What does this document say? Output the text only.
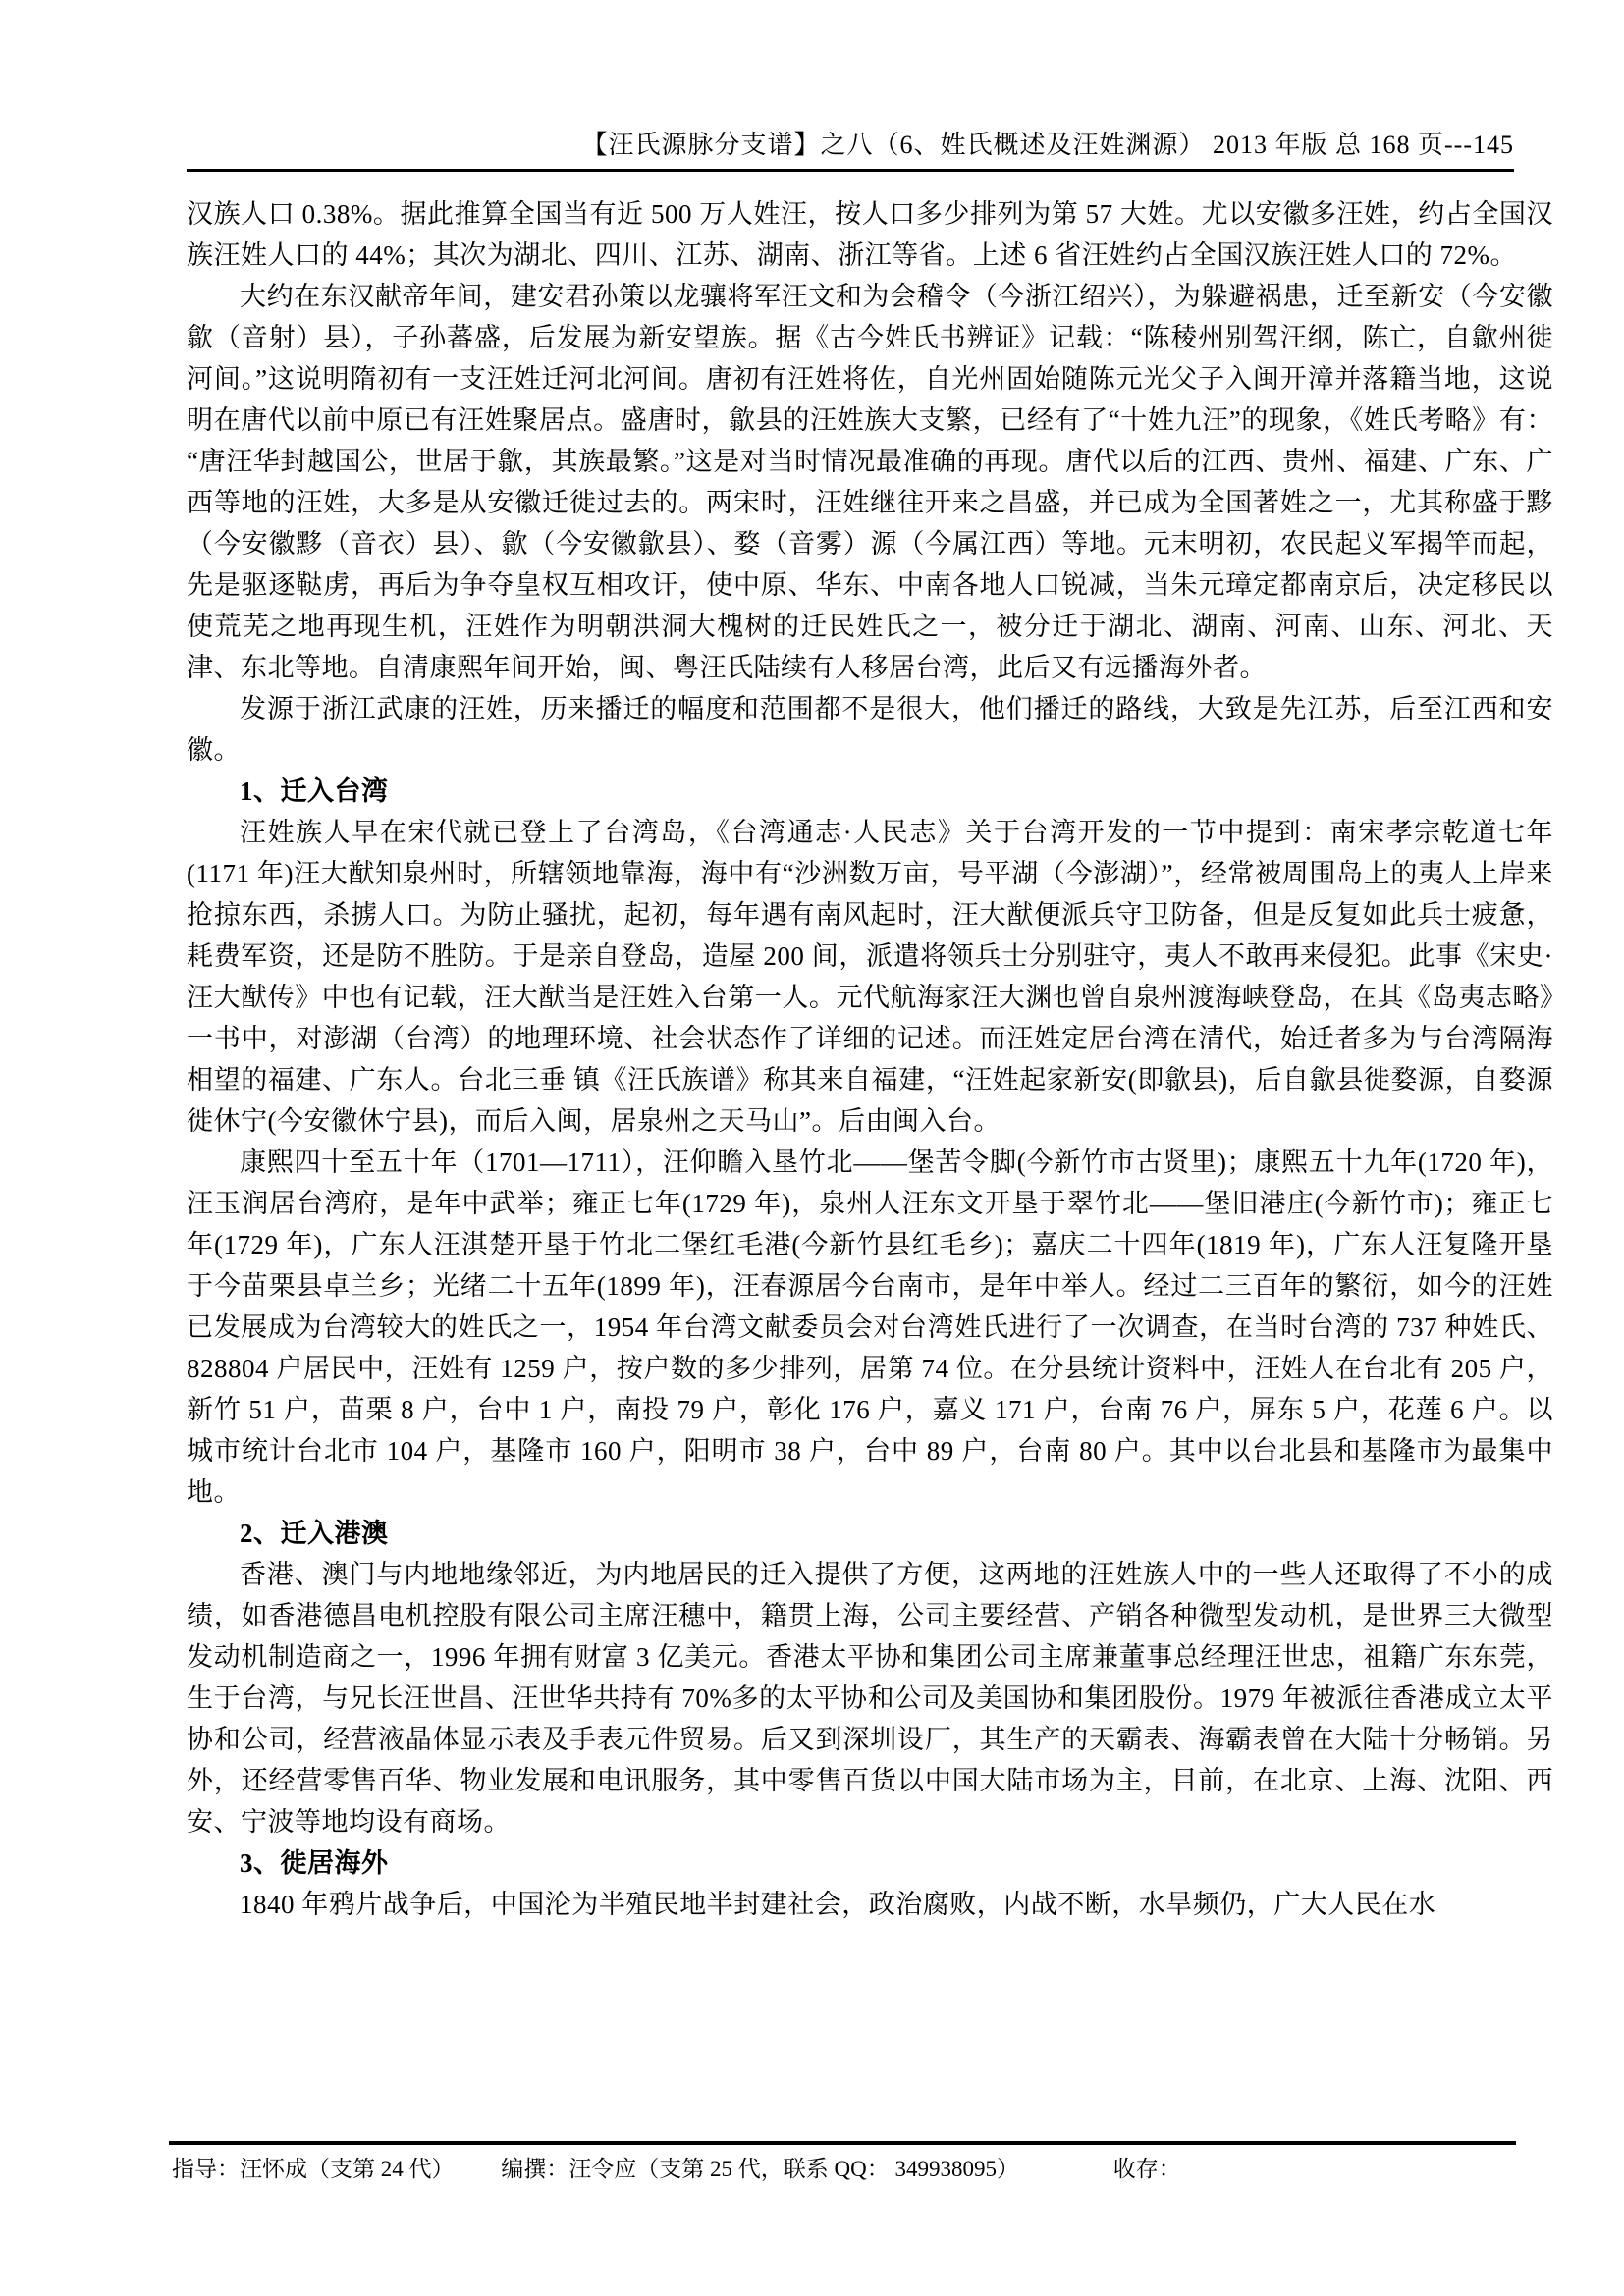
【汪氏源脉分支谱】之八（6、姓氏概述及汪姓渊源） 2013 年版 总 168 页---145

汉族人口 0.38%。据此推算全国当有近 500 万人姓汪，按人口多少排列为第 57 大姓。尤以安徽多汪姓，约占全国汉族汪姓人口的 44%；其次为湖北、四川、江苏、湖南、浙江等省。上述 6 省汪姓约占全国汉族汪姓人口的 72%。

大约在东汉献帝年间，建安君孙策以龙骧将军汪文和为会稽令（今浙江绍兴），为躲避祸患，迁至新安（今安徽歙（音射）县），子孙蕃盛，后发展为新安望族。据《古今姓氏书辨证》记载：“陈稜州别驾汪纲，陈亡，自歙州徙河间。”这说明隋初有一支汪姓迁河北河间。唐初有汪姓将佐，自光州固始随陈元光父子入闽开漳并落籍当地，这说明在唐代以前中原已有汪姓聚居点。盛唐时，歙县的汪姓族大支繁，已经有了“十姓九汪”的现象，《姓氏考略》有：“唐汪华封越国公，世居于歙，其族最繁。”这是对当时情况最准确的再现。唐代以后的江西、贵州、福建、广东、广西等地的汪姓，大多是从安徽迁徙过去的。两宋时，汪姓继往开来之昌盛，并已成为全国著姓之一，尤其称盛于黟（今安徽黟（音衣）县）、歙（今安徽歙县）、婺（音雾）源（今属江西）等地。元末明初，农民起义军揭竿而起，先是驱逐鞑虏，再后为争夺皇权互相攻讦，使中原、华东、中南各地人口锐减，当朱元璋定都南京后，决定移民以使荒芜之地再现生机，汪姓作为明朝洪洞大槐树的迁民姓氏之一，被分迁于湖北、湖南、河南、山东、河北、天津、东北等地。自清康熙年间开始，闽、粤汪氏陆续有人移居台湾，此后又有远播海外者。

发源于浙江武康的汪姓，历来播迁的幅度和范围都不是很大，他们播迁的路线，大致是先江苏，后至江西和安徽。

1、迁入台湾

汪姓族人早在宋代就已登上了台湾岛，《台湾通志·人民志》关于台湾开发的一节中提到：南宋孝宗乾道七年(1171 年)汪大猷知泉州时，所辖领地靠海，海中有“沙洲数万亩，号平湖（今澎湖）”，经常被周围岛上的夷人上岸来抢掠东西，杀掳人口。为防止骚扰，起初，每年遇有南风起时，汪大猷便派兵守卫防备，但是反复如此兵士疲惫，耗费军资，还是防不胜防。于是亲自登岛，造屋 200 间，派遣将领兵士分别驻守，夷人不敢再来侵犯。此事《宋史·汪大猷传》中也有记载，汪大猷当是汪姓入台第一人。元代航海家汪大渊也曾自泉州渡海峡登岛，在其《岛夷志略》一书中，对澎湖（台湾）的地理环境、社会状态作了详细的记述。而汪姓定居台湾在清代，始迁者多为与台湾隔海相望的福建、广东人。台北三垂 镇《汪氏族谱》称其来自福建，“汪姓起家新安(即歙县)，后自歙县徙婺源，自婺源徙休宁(今安徽休宁县)，而后入闽，居泉州之天马山”。后由闽入台。

康熙四十至五十年（1701—1711），汪仰瞻入垦竹北——堡苦令脚(今新竹市古贤里)；康熙五十九年(1720 年)，汪玉润居台湾府，是年中武举；雍正七年(1729 年)，泉州人汪东文开垦于翠竹北——堡旧港庄(今新竹市)；雍正七年(1729 年)，广东人汪淇楚开垦于竹北二堡红毛港(今新竹县红毛乡)；嘉庆二十四年(1819 年)，广东人汪复隆开垦于今苗栗县卓兰乡；光绪二十五年(1899 年)，汪春源居今台南市，是年中举人。经过二三百年的繁衍，如今的汪姓已发展成为台湾较大的姓氏之一，1954 年台湾文献委员会对台湾姓氏进行了一次调查，在当时台湾的 737 种姓氏、828804 户居民中，汪姓有 1259 户，按户数的多少排列，居第 74 位。在分县统计资料中，汪姓人在台北有 205 户，新竹 51 户，苗栗 8 户，台中 1 户，南投 79 户，彰化 176 户，嘉义 171 户，台南 76 户，屏东 5 户，花莲 6 户。以城市统计台北市 104 户，基隆市 160 户，阳明市 38 户，台中 89 户，台南 80 户。其中以台北县和基隆市为最集中地。

2、迁入港澳

香港、澳门与内地地缘邻近，为内地居民的迁入提供了方便，这两地的汪姓族人中的一些人还取得了不小的成绩，如香港德昌电机控股有限公司主席汪穗中，籍贯上海，公司主要经营、产销各种微型发动机，是世界三大微型发动机制造商之一，1996 年拥有财富 3 亿美元。香港太平协和集团公司主席兼董事总经理汪世忠，祖籍广东东莞，生于台湾，与兄长汪世昌、汪世华共持有 70%多的太平协和公司及美国协和集团股份。1979 年被派往香港成立太平协和公司，经营液晶体显示表及手表元件贸易。后又到深圳设厂，其生产的天霸表、海霸表曾在大陆十分畅销。另外，还经营零售百华、物业发展和电讯服务，其中零售百货以中国大陆市场为主，目前，在北京、上海、沈阳、西安、宁波等地均设有商场。

3、徙居海外

1840 年鸦片战争后，中国沦为半殖民地半封建社会，政治腐败，内战不断，水旱频仍，广大人民在水

指导：汪怀成（支第 24 代） 编撰：汪令应（支第 25 代，联系 QQ： 349938095）	收存：
